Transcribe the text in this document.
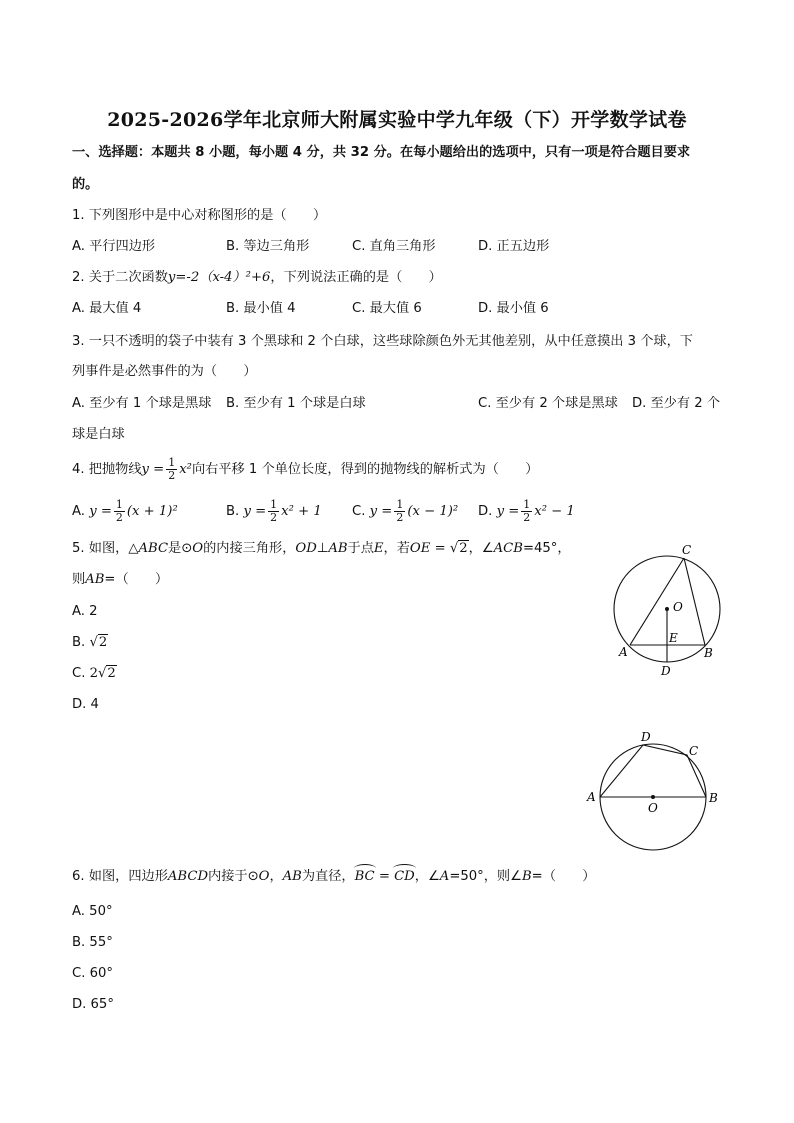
2025-2026学年北京师大附属实验中学九年级（下）开学数学试卷
一、选择题：本题共 8 小题，每小题 4 分，共 32 分。在每小题给出的选项中，只有一项是符合题目要求
的。
1. 下列图形中是中心对称图形的是（　　）
A. 平行四边形	B. 等边三角形	C. 直角三角形	D. 正五边形
2. 关于二次函数y=-2（x-4）²+6，下列说法正确的是（　　）
A. 最大值 4	B. 最小值 4	C. 最大值 6	D. 最小值 6
3. 一只不透明的袋子中装有 3 个黑球和 2 个白球，这些球除颜色外无其他差别，从中任意摸出 3 个球，下
列事件是必然事件的为（　　）
A. 至少有 1 个球是黑球 B. 至少有 1 个球是白球	C. 至少有 2 个球是黑球 D. 至少有 2 个
球是白球
4. 把抛物线$y = \frac{1}{2} x^2$向右平移 1 个单位长度，得到的抛物线的解析式为（　　）
A. $y = \frac{1}{2} (x + 1)^2$	B. $y = \frac{1}{2} x^2 + 1$ C. $y = \frac{1}{2} (x - 1)^2$ D. $y = \frac{1}{2} x^2 - 1$
5. 如图，△ABC是⊙O的内接三角形，OD⊥AB于点E，若OE = √2，∠ACB=45°，
则AB=（　　）
A. 2
B. √2
C. 2√2
D. 4
C
O
E
A	B
D
D
C
A
O
B
6. 如图，四边形ABCD内接于⊙O，AB为直径，BC = CD，∠A=50°，则∠B=（　　）
A. 50°
B. 55°
C. 60°
D. 65°
